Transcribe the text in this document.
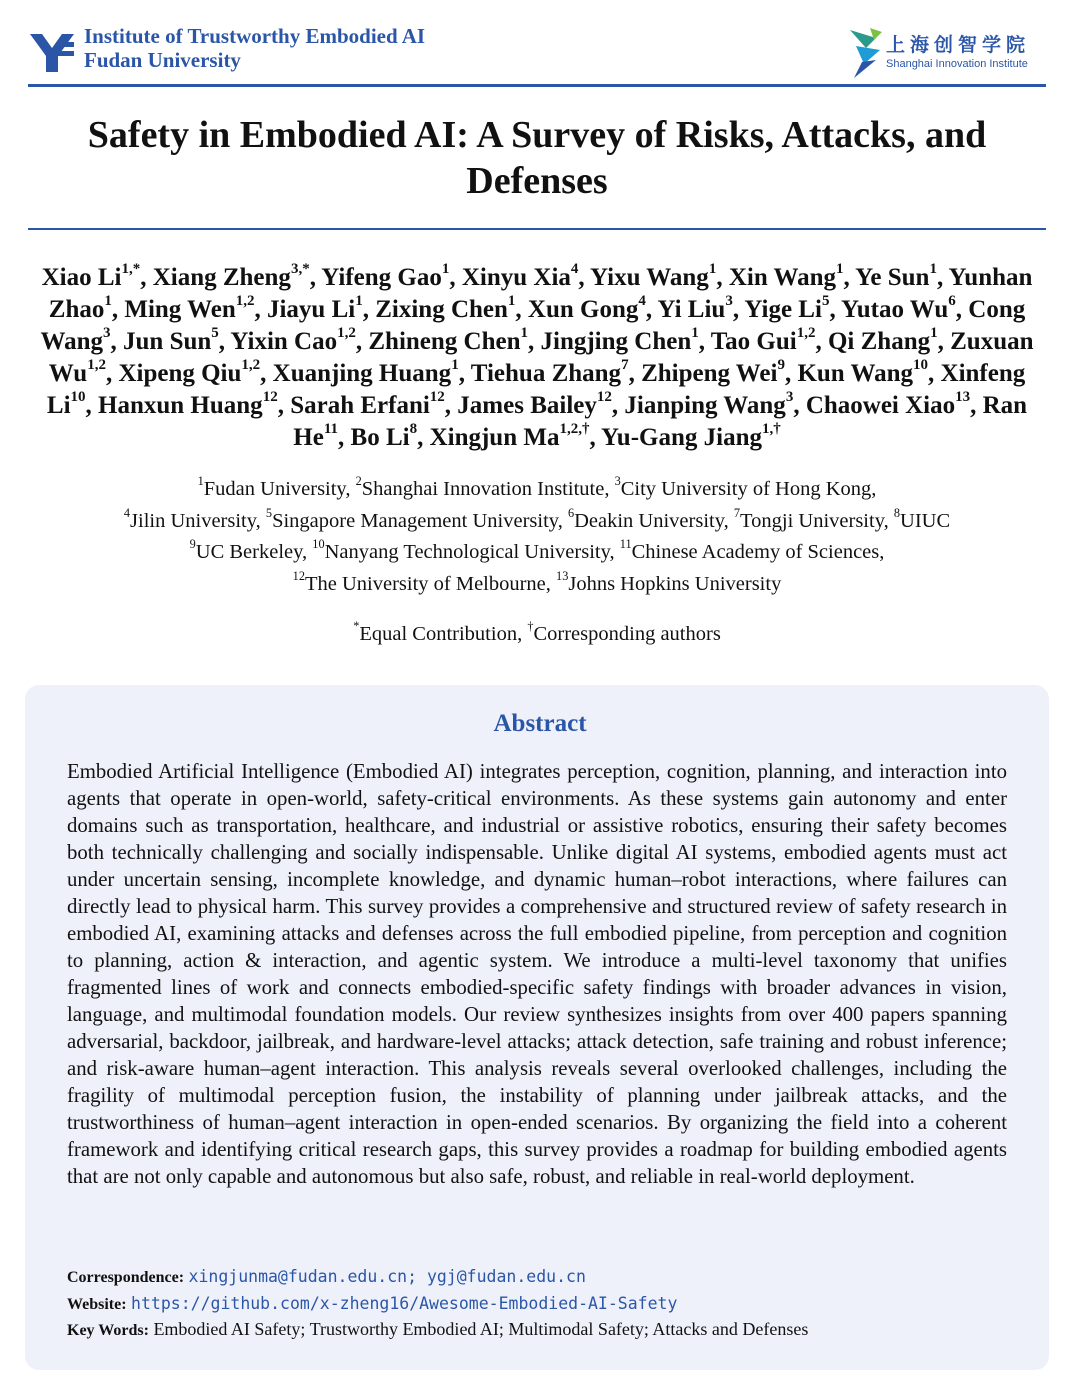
Institute of Trustworthy Embodied AI
Fudan University
上海创智学院
Shanghai Innovation Institute
Safety in Embodied AI: A Survey of Risks, Attacks, and Defenses
Xiao $Li^{1,*}$, Xiang Zheng$^{3,*}$, Yifeng Gao$^1$, Xinyu Xia$^4$, Yixu Wang$^1$, Xin Wang$^1$, Ye Sun$^1$, Yunhan Zhao$^1$, Ming Wen$^{1,2}$, Jiayu Li$^1$, Zixing Chen$^1$, Xun Gong$^4$, Yi Liu$^3$, Yige Li$^5$, Yutao Wu$^6$, Cong Wang$^3$, Jun Sun$^5$, Yixin Cao$^{1,2}$, Zhineng Chen$^1$, Jingjing Chen$^1$, Tao Gui$^{1,2}$, Qi Zhang$^1$, Zuxuan Wu$^{1,2}$, Xipeng Qiu$^{1,2}$, Xuanjing Huang$^1$, Tiehua Zhang$^7$, Zhipeng Wei$^9$, Kun Wang$^{10}$, Xinfeng Li$^{10}$, Hanxun Huang$^{12}$, Sarah Erfani$^{12}$, James Bailey$^{12}$, Jianping Wang$^3$, Chaowei Xiao$^{13}$, Ran He$^{11}$, Bo Li$^8$, Xingjun $Ma^{1,2,\dagger}$, Yu-Gang Jiang$^{1,\dagger}$
$^1$Fudan University, $^2$Shanghai Innovation Institute, $^3$City University of Hong Kong,
$^4$Jilin University, $^5$Singapore Management University, $^6$Deakin University, $^7$Tongji University, $^8$UIUC
$^9$UC Berkeley, $^{10}$Nanyang Technological University, $^{11}$Chinese Academy of Sciences,
$^{12}$The University of Melbourne, $^{13}$Johns Hopkins University
*Equal Contribution, †Corresponding authors
Abstract
Embodied Artificial Intelligence (Embodied AI) integrates perception, cognition, planning, and interaction into agents that operate in open-world, safety-critical environments. As these systems gain autonomy and enter domains such as transportation, healthcare, and industrial or assistive robotics, ensuring their safety becomes both technically challenging and socially indispensable. Unlike digital AI systems, embodied agents must act under uncertain sensing, incomplete knowledge, and dynamic human–robot interactions, where failures can directly lead to physical harm. This survey provides a comprehensive and structured review of safety research in embodied AI, examining attacks and defenses across the full embodied pipeline, from perception and cognition to planning, action & interaction, and agentic system. We introduce a multi-level taxonomy that unifies fragmented lines of work and connects embodied-specific safety findings with broader advances in vision, language, and multimodal foundation models. Our review synthesizes insights from over 400 papers spanning adversarial, backdoor, jailbreak, and hardware-level attacks; attack detection, safe training and robust inference; and risk-aware human–agent interaction. This analysis reveals several overlooked challenges, including the fragility of multimodal perception fusion, the instability of planning under jailbreak attacks, and the trustworthiness of human–agent interaction in open-ended scenarios. By organizing the field into a coherent framework and identifying critical research gaps, this survey provides a roadmap for building embodied agents that are not only capable and autonomous but also safe, robust, and reliable in real-world deployment.
Correspondence: xingjunma@fudan.edu.cn; ygj@fudan.edu.cn
Website: https://github.com/x-zheng16/Awesome-Embodied-AI-Safety
Key Words: Embodied AI Safety; Trustworthy Embodied AI; Multimodal Safety; Attacks and Defenses
